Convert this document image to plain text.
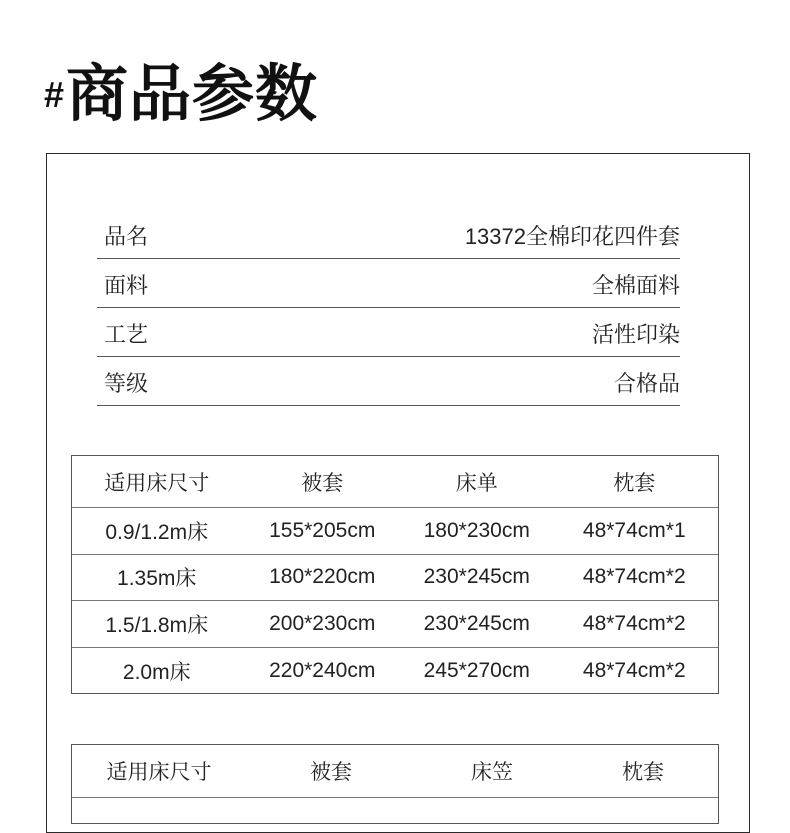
# 商品参数
品名	13372全棉印花四件套
面料	全棉面料
工艺	活性印染
等级	合格品
适用床尺寸	被套	床单	枕套
0.9/1.2m床	155*205cm	180*230cm	48*74cm*1
1.35m床	180*220cm	230*245cm	48*74cm*2
1.5/1.8m床	200*230cm	230*245cm	48*74cm*2
2.0m床	220*240cm	245*270cm	48*74cm*2
适用床尺寸	被套	床笠	枕套
